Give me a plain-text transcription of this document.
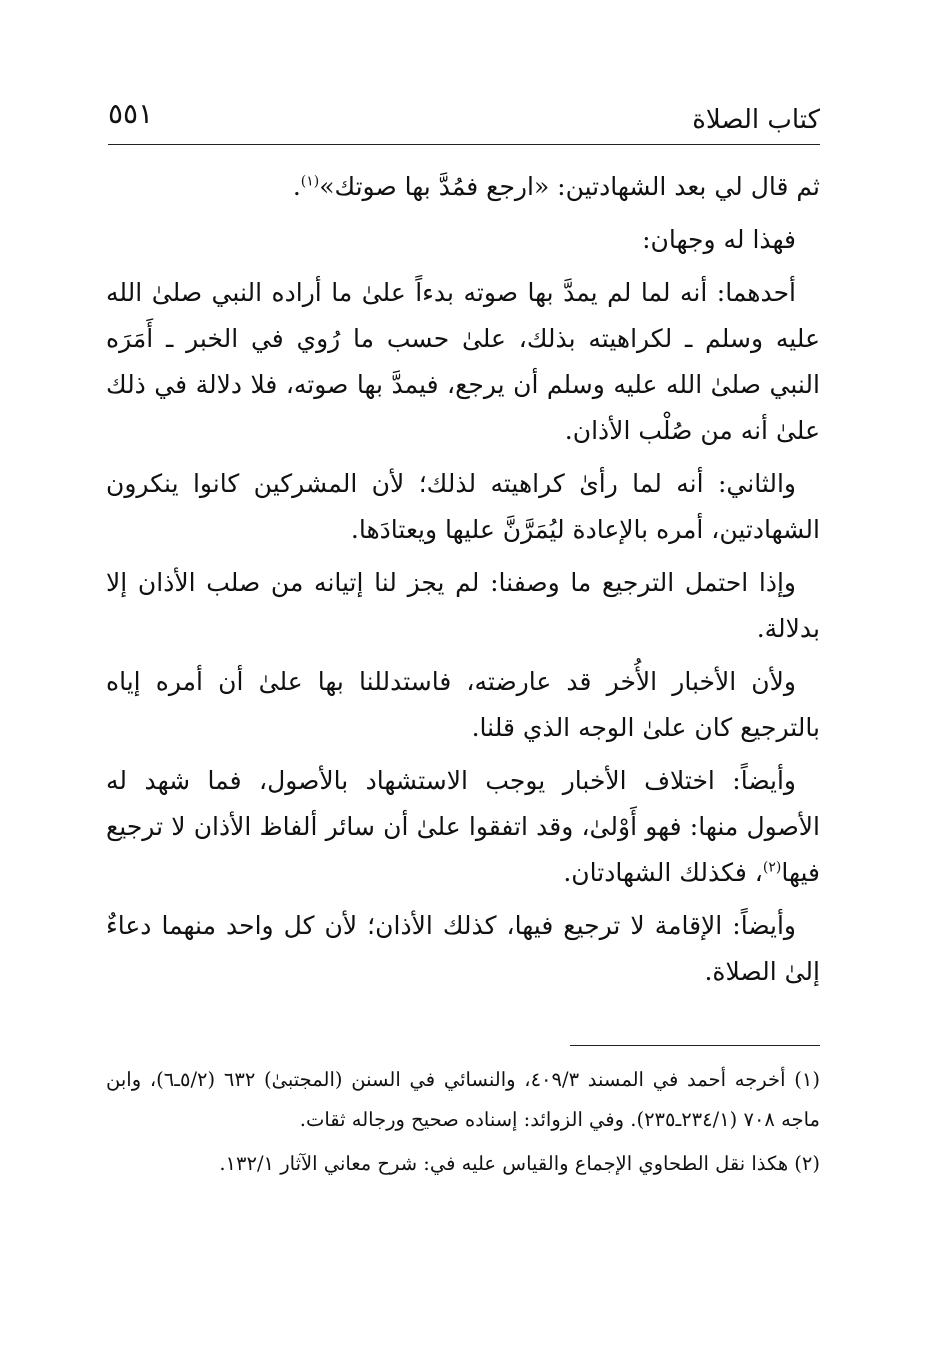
كتاب الصلاة
٥٥١

ثم قال لي بعد الشهادتين: «ارجع فمُدَّ بها صوتك»$^{(١)}$.

فهذا له وجهان:

أحدهما: أنه لما لم يمدَّ بها صوته بدءاً علىٰ ما أراده النبي صلىٰ الله عليه وسلم ـ لكراهيته بذلك، علىٰ حسب ما رُوي في الخبر ـ أَمَرَه النبي صلىٰ الله عليه وسلم أن يرجع، فيمدَّ بها صوته، فلا دلالة في ذلك علىٰ أنه من صُلْب الأذان.

والثاني: أنه لما رأىٰ كراهيته لذلك؛ لأن المشركين كانوا ينكرون الشهادتين، أمره بالإعادة ليُمَرَّنَّ عليها ويعتادَها.

وإذا احتمل الترجيع ما وصفنا: لم يجز لنا إتيانه من صلب الأذان إلا بدلالة.

ولأن الأخبار الأُخر قد عارضته، فاستدللنا بها علىٰ أن أمره إياه بالترجيع كان علىٰ الوجه الذي قلنا.

وأيضاً: اختلاف الأخبار يوجب الاستشهاد بالأصول، فما شهد له الأصول منها: فهو أَوْلىٰ، وقد اتفقوا علىٰ أن سائر ألفاظ الأذان لا ترجيع فيها$^{(٢)}$، فكذلك الشهادتان.

وأيضاً: الإقامة لا ترجيع فيها، كذلك الأذان؛ لأن كل واحد منهما دعاءٌ إلىٰ الصلاة.

(١) أخرجه أحمد في المسند ٤٠٩/٣، والنسائي في السنن (المجتبىٰ) ٦٣٢ (٥/٢ـ٦)، وابن ماجه ٧٠٨ (٢٣٤/١ـ٢٣٥). وفي الزوائد: إسناده صحيح ورجاله ثقات.

(٢) هكذا نقل الطحاوي الإجماع والقياس عليه في: شرح معاني الآثار ١٣٢/١.
